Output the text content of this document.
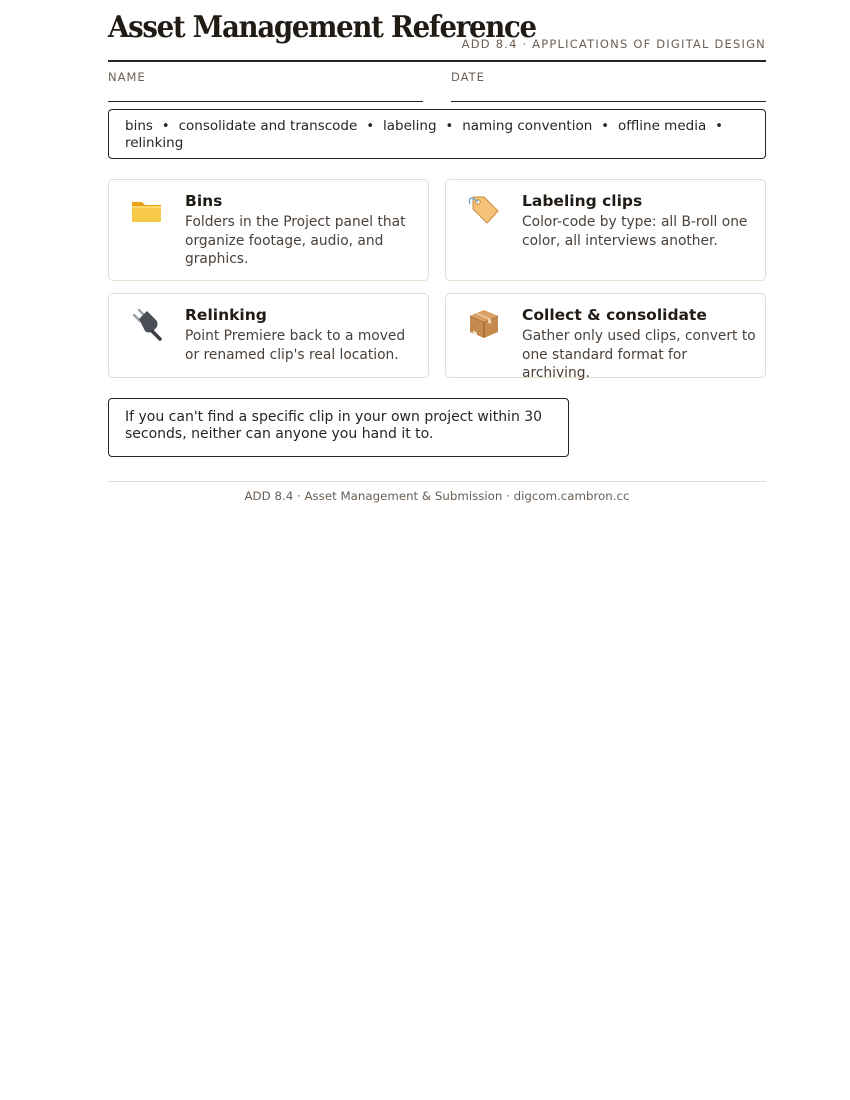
Asset Management Reference
ADD 8.4 · APPLICATIONS OF DIGITAL DESIGN
NAME	DATE
bins • consolidate and transcode • labeling • naming convention • offline media • relinking
Bins
Folders in the Project panel that organize footage, audio, and graphics.
Labeling clips
Color-code by type: all B-roll one color, all interviews another.
Relinking
Point Premiere back to a moved or renamed clip's real location.
Collect & consolidate
Gather only used clips, convert to one standard format for archiving.
If you can't find a specific clip in your own project within 30 seconds, neither can anyone you hand it to.
ADD 8.4 · Asset Management & Submission · digcom.cambron.cc
